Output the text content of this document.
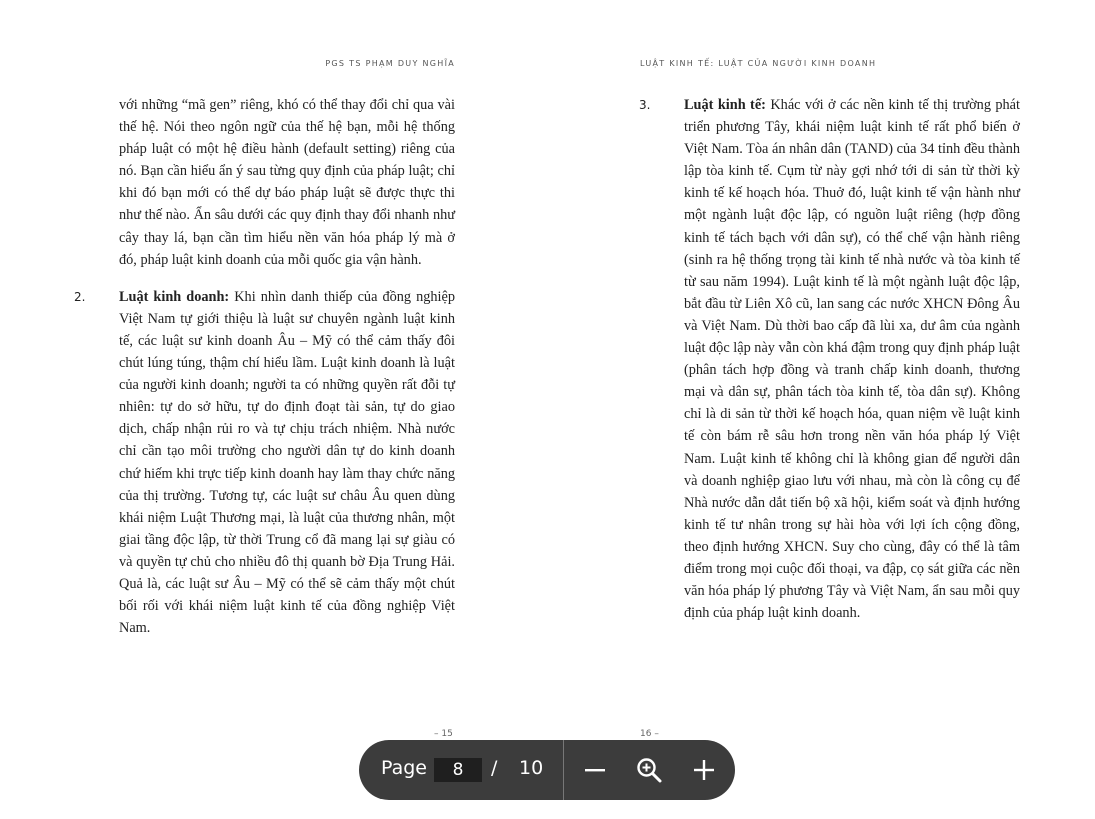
PGS TS PHẠM DUY NGHĨA	LUẬT KINH TẾ: LUẬT CỦA NGƯỜI KINH DOANH

với những “mã gen” riêng, khó có thể thay đổi chỉ qua vài thế hệ. Nói theo ngôn ngữ của thế hệ bạn, mỗi hệ thống pháp luật có một hệ điều hành (default setting) riêng của nó. Bạn cần hiểu ẩn ý sau từng quy định của pháp luật; chỉ khi đó bạn mới có thể dự báo pháp luật sẽ được thực thi như thế nào. Ẩn sâu dưới các quy định thay đổi nhanh như cây thay lá, bạn cần tìm hiểu nền văn hóa pháp lý mà ở đó, pháp luật kinh doanh của mỗi quốc gia vận hành.

2.	Luật kinh doanh: Khi nhìn danh thiếp của đồng nghiệp Việt Nam tự giới thiệu là luật sư chuyên ngành luật kinh tế, các luật sư kinh doanh Âu – Mỹ có thể cảm thấy đôi chút lúng túng, thậm chí hiểu lầm. Luật kinh doanh là luật của người kinh doanh; người ta có những quyền rất đỗi tự nhiên: tự do sở hữu, tự do định đoạt tài sản, tự do giao dịch, chấp nhận rủi ro và tự chịu trách nhiệm. Nhà nước chỉ cần tạo môi trường cho người dân tự do kinh doanh chứ hiếm khi trực tiếp kinh doanh hay làm thay chức năng của thị trường. Tương tự, các luật sư châu Âu quen dùng khái niệm Luật Thương mại, là luật của thương nhân, một giai tầng độc lập, từ thời Trung cổ đã mang lại sự giàu có và quyền tự chủ cho nhiều đô thị quanh bờ Địa Trung Hải. Quả là, các luật sư Âu – Mỹ có thể sẽ cảm thấy một chút bối rối với khái niệm luật kinh tế của đồng nghiệp Việt Nam.

3.	Luật kinh tế: Khác với ở các nền kinh tế thị trường phát triển phương Tây, khái niệm luật kinh tế rất phổ biến ở Việt Nam. Tòa án nhân dân (TAND) của 34 tỉnh đều thành lập tòa kinh tế. Cụm từ này gợi nhớ tới di sản từ thời kỳ kinh tế kế hoạch hóa. Thuở đó, luật kinh tế vận hành như một ngành luật độc lập, có nguồn luật riêng (hợp đồng kinh tế tách bạch với dân sự), có thể chế vận hành riêng (sinh ra hệ thống trọng tài kinh tế nhà nước và tòa kinh tế từ sau năm 1994). Luật kinh tế là một ngành luật độc lập, bắt đầu từ Liên Xô cũ, lan sang các nước XHCN Đông Âu và Việt Nam. Dù thời bao cấp đã lùi xa, dư âm của ngành luật độc lập này vẫn còn khá đậm trong quy định pháp luật (phân tách hợp đồng và tranh chấp kinh doanh, thương mại và dân sự, phân tách tòa kinh tế, tòa dân sự). Không chỉ là di sản từ thời kế hoạch hóa, quan niệm về luật kinh tế còn bám rễ sâu hơn trong nền văn hóa pháp lý Việt Nam. Luật kinh tế không chỉ là không gian để người dân và doanh nghiệp giao lưu với nhau, mà còn là công cụ để Nhà nước dẫn dắt tiến bộ xã hội, kiểm soát và định hướng kinh tế tư nhân trong sự hài hòa với lợi ích cộng đồng, theo định hướng XHCN. Suy cho cùng, đây có thể là tâm điểm trong mọi cuộc đối thoại, va đập, cọ sát giữa các nền văn hóa pháp lý phương Tây và Việt Nam, ẩn sau mỗi quy định của pháp luật kinh doanh.

– 15	16 –
Page
8	/ 10
